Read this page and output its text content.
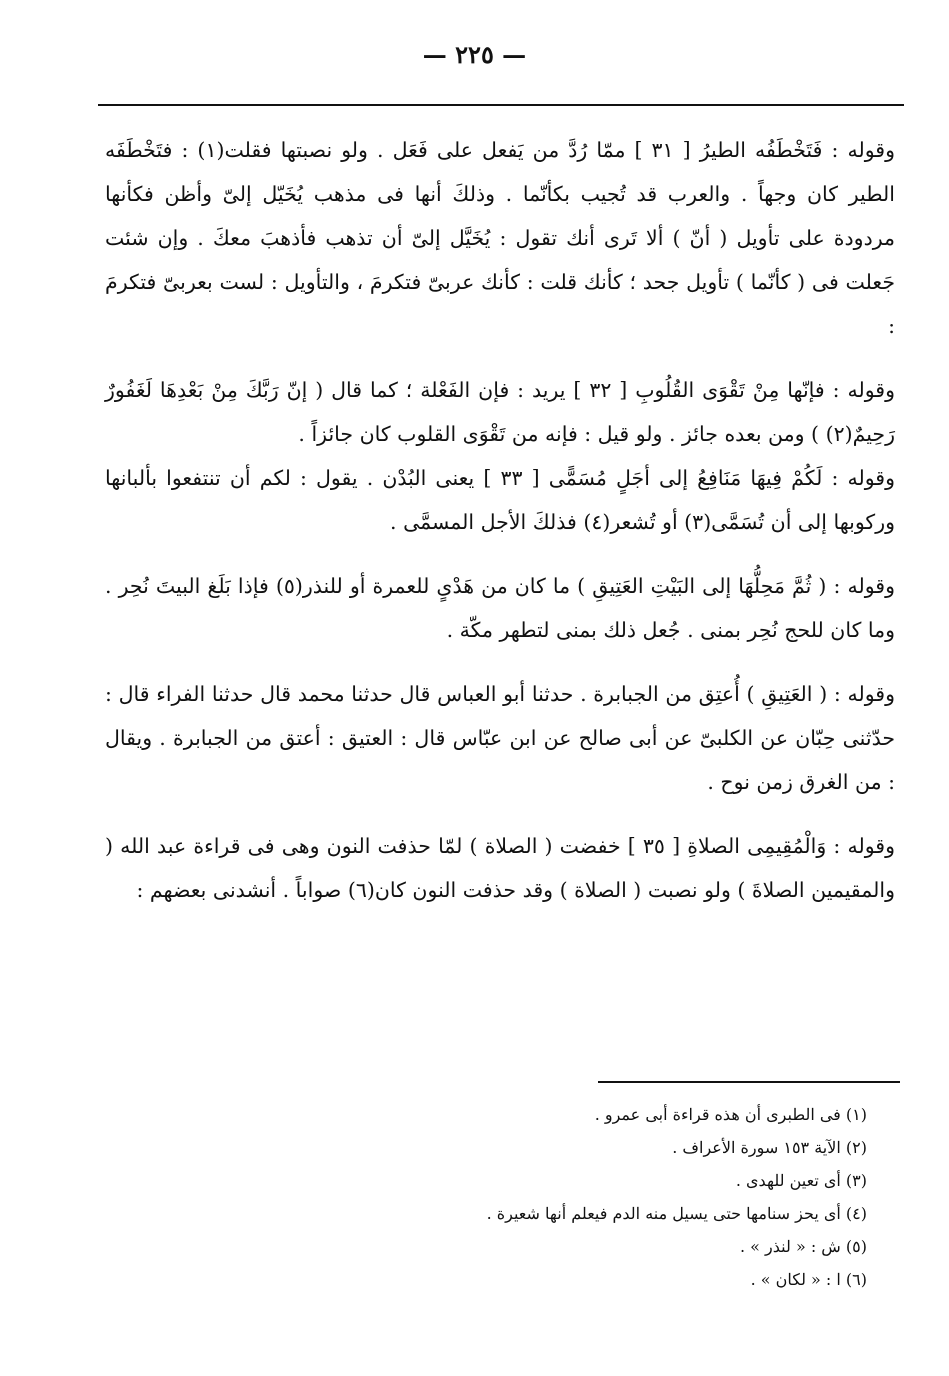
— ٢٢٥ —

وقوله : فَتَخْطَفُه الطيرُ [ ٣١ ] ممّا رُدَّ من يَفعل على فَعَل . ولو نصبتها فقلت(١) : فتَخْطَفَه الطير كان وجهاً . والعرب قد تُجيب بكأنّما . وذلكَ أنها فى مذهب يُخَيّل إلىّ وأظن فكأنها مردودة على تأويل ( أنّ ) ألا تَرى أنك تقول : يُخَيَّل إلىّ أن تذهب فأذهبَ معكَ . وإن شئت جَعلت فى ( كأنّما ) تأويل جحد ؛ كأنك قلت : كأنك عربىّ فتكرمَ ، والتأويل : لست بعربىّ فتكرمَ :

وقوله : فإنّها مِنْ تَقْوَى القُلُوبِ [ ٣٢ ] يريد : فإن الفَعْلة ؛ كما قال ( إنّ رَبَّكَ مِنْ بَعْدِهَا لَغَفُورٌ رَحِيمٌ(٢) ) ومن بعده جائز . ولو قيل : فإنه من تَقْوَى القلوب كان جائزاً .

وقوله : لَكُمْ فِيهَا مَنَافِعُ إلى أجَلٍ مُسَمًّى [ ٣٣ ] يعنى البُدْن . يقول : لكم أن تنتفعوا بألبانها وركوبها إلى أن تُسَمَّى(٣) أو تُشعر(٤) فذلكَ الأجل المسمَّى .

وقوله : ( ثُمَّ مَحِلُّهَا إلى البَيْتِ العَتِيقِ ) ما كان من هَدْىٍ للعمرة أو للنذر(٥) فإذا بَلَغ البيتَ نُحِر . وما كان للحج نُحِر بمنى . جُعل ذلك بمنى لتطهر مكّة .

وقوله : ( العَتِيقِ ) أُعتِق من الجبابرة . حدثنا أبو العباس قال حدثنا محمد قال حدثنا الفراء قال : حدّثنى حِبّان عن الكلبىّ عن أبى صالح عن ابن عبّاس قال : العتيق : أعتق من الجبابرة . ويقال : من الغرق زمن نوح .

وقوله : وَالْمُقِيمِى الصلاةِ [ ٣٥ ] خفضت ( الصلاة ) لمّا حذفت النون وهى فى قراءة عبد الله ( والمقيمين الصلاةَ ) ولو نصبت ( الصلاة ) وقد حذفت النون كان(٦) صواباً . أنشدنى بعضهم :

(١) فى الطبرى أن هذه قراءة أبى عمرو .
(٢) الآية ١٥٣ سورة الأعراف .
(٣) أى تعين للهدى .
(٤) أى يحز سنامها حتى يسيل منه الدم فيعلم أنها شعيرة .
(٥) ش : « لنذر » .
(٦) ا : « لكان » .
